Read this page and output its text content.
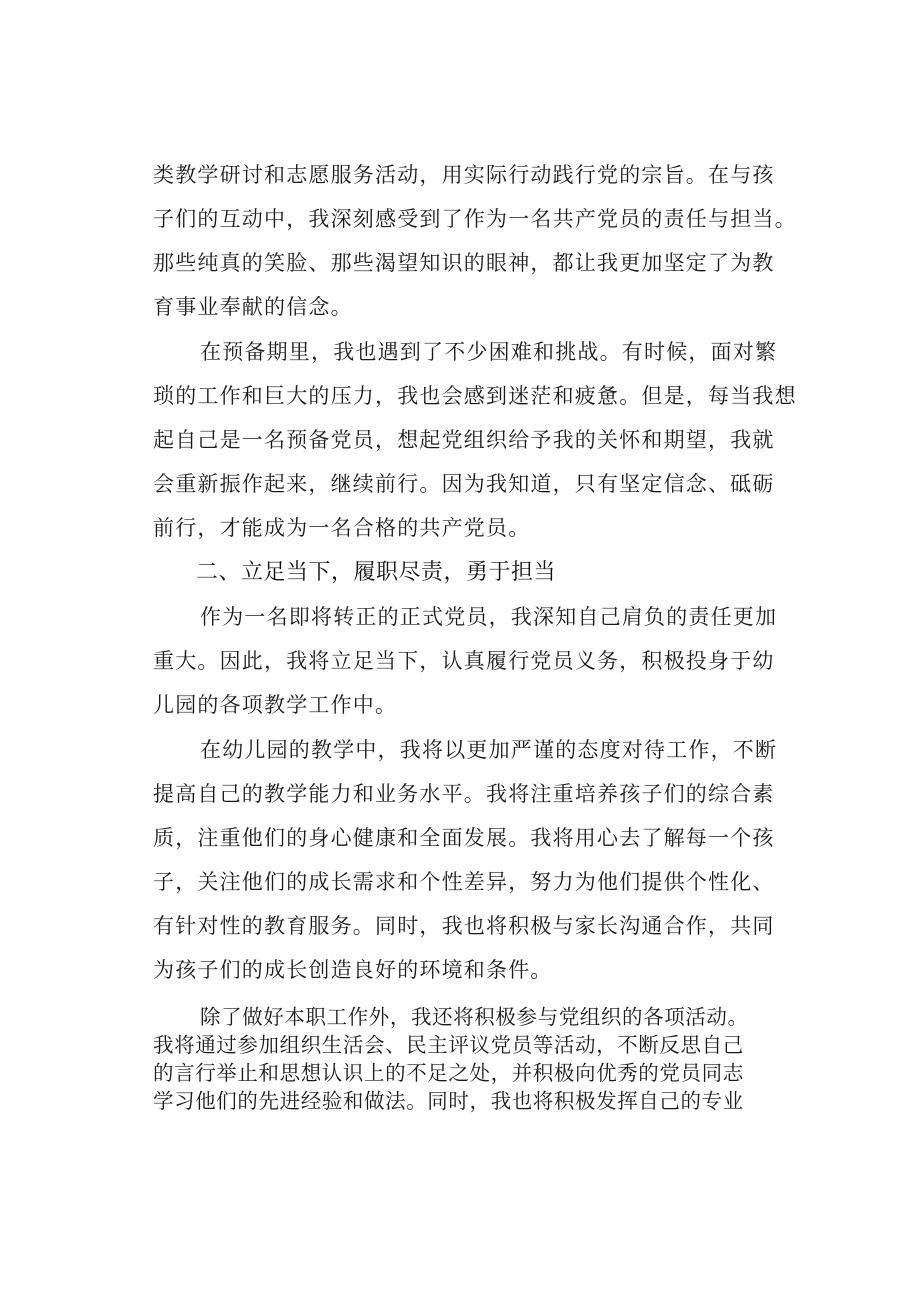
类教学研讨和志愿服务活动，用实际行动践行党的宗旨。在与孩
子们的互动中，我深刻感受到了作为一名共产党员的责任与担当。
那些纯真的笑脸、那些渴望知识的眼神，都让我更加坚定了为教
育事业奉献的信念。
在预备期里，我也遇到了不少困难和挑战。有时候，面对繁
琐的工作和巨大的压力，我也会感到迷茫和疲惫。但是，每当我想
起自己是一名预备党员，想起党组织给予我的关怀和期望，我就
会重新振作起来，继续前行。因为我知道，只有坚定信念、砥砺
前行，才能成为一名合格的共产党员。
二、立足当下，履职尽责，勇于担当
作为一名即将转正的正式党员，我深知自己肩负的责任更加
重大。因此，我将立足当下，认真履行党员义务，积极投身于幼
儿园的各项教学工作中。
在幼儿园的教学中，我将以更加严谨的态度对待工作，不断
提高自己的教学能力和业务水平。我将注重培养孩子们的综合素
质，注重他们的身心健康和全面发展。我将用心去了解每一个孩
子，关注他们的成长需求和个性差异，努力为他们提供个性化、
有针对性的教育服务。同时，我也将积极与家长沟通合作，共同
为孩子们的成长创造良好的环境和条件。
除了做好本职工作外，我还将积极参与党组织的各项活动。
我将通过参加组织生活会、民主评议党员等活动，不断反思自己
的言行举止和思想认识上的不足之处，并积极向优秀的党员同志
学习他们的先进经验和做法。同时，我也将积极发挥自己的专业
